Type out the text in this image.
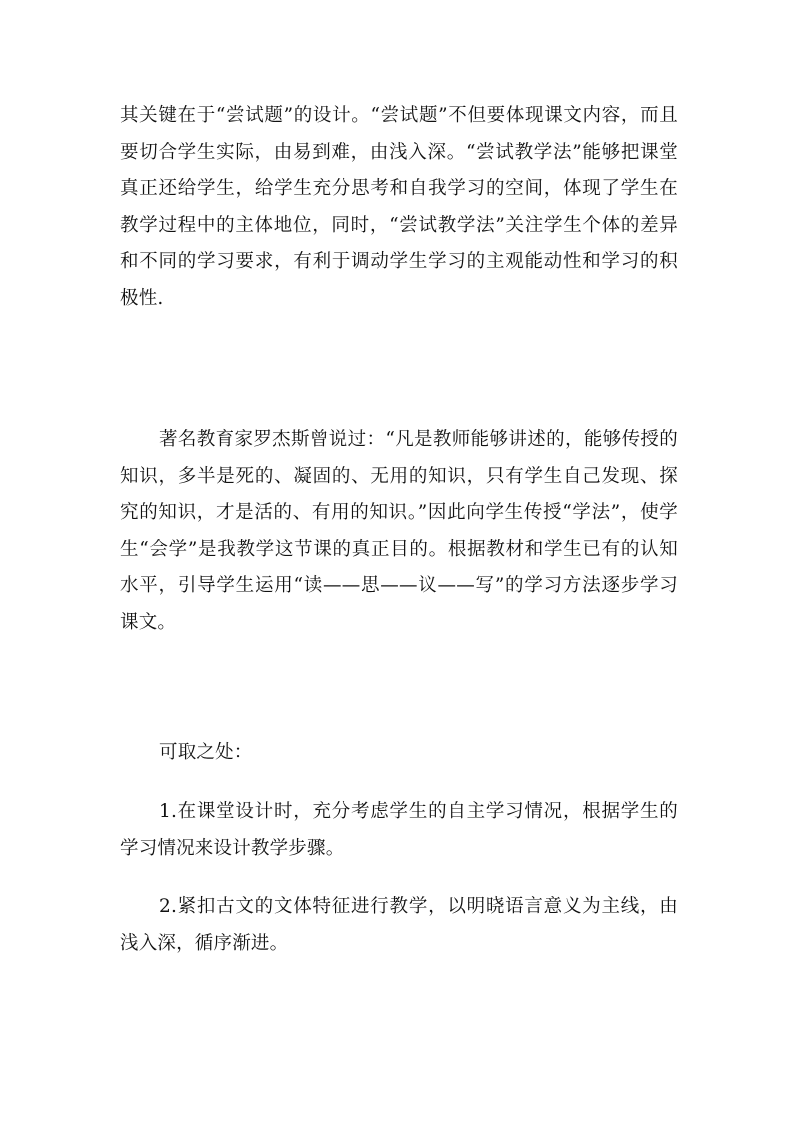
其关键在于“尝试题”的设计。“尝试题”不但要体现课文内容，而且要切合学生实际，由易到难，由浅入深。“尝试教学法”能够把课堂真正还给学生，给学生充分思考和自我学习的空间，体现了学生在教学过程中的主体地位，同时，“尝试教学法”关注学生个体的差异和不同的学习要求，有利于调动学生学习的主观能动性和学习的积极性.

著名教育家罗杰斯曾说过：“凡是教师能够讲述的，能够传授的知识，多半是死的、凝固的、无用的知识，只有学生自己发现、探究的知识，才是活的、有用的知识。”因此向学生传授“学法”，使学生“会学”是我教学这节课的真正目的。根据教材和学生已有的认知水平，引导学生运用“读——思——议——写”的学习方法逐步学习课文。

可取之处：

1.在课堂设计时，充分考虑学生的自主学习情况，根据学生的学习情况来设计教学步骤。

2.紧扣古文的文体特征进行教学，以明晓语言意义为主线，由浅入深，循序渐进。
